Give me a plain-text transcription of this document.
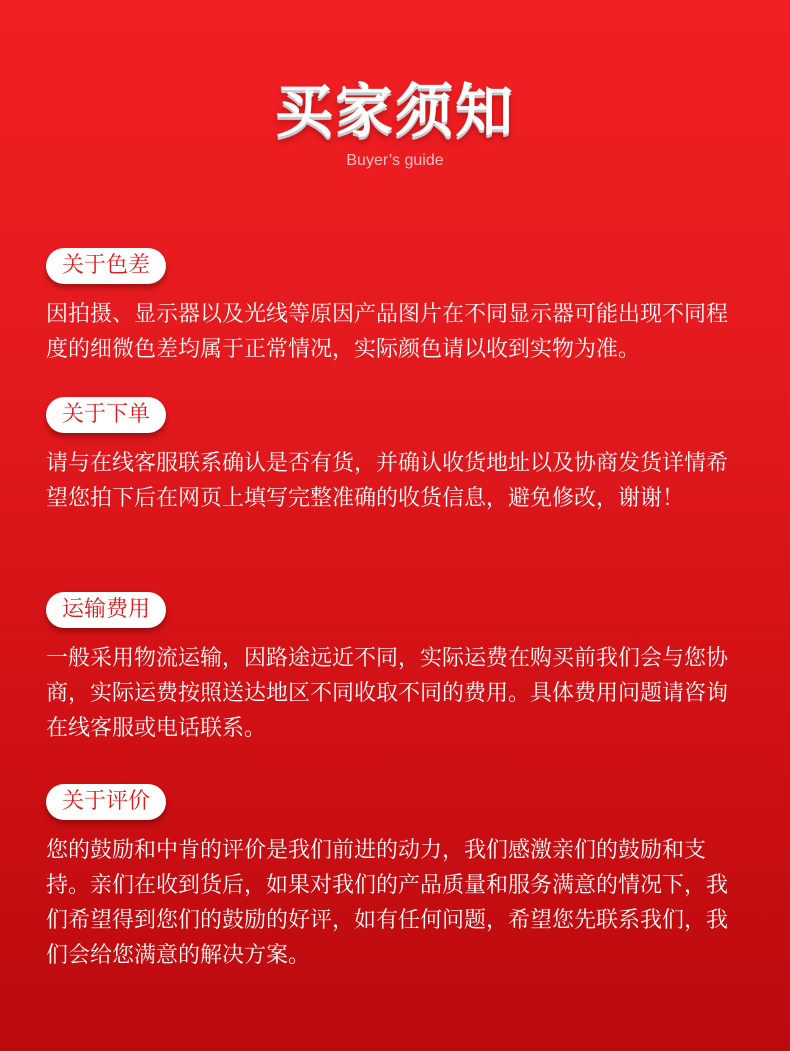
买家须知
Buyer’s guide
关于色差
因拍摄、显示器以及光线等原因产品图片在不同显示器可能出现不同程度的细微色差均属于正常情况，实际颜色请以收到实物为准。
关于下单
请与在线客服联系确认是否有货，并确认收货地址以及协商发货详情希望您拍下后在网页上填写完整准确的收货信息，避免修改，谢谢！
运输费用
一般采用物流运输，因路途远近不同，实际运费在购买前我们会与您协商，实际运费按照送达地区不同收取不同的费用。具体费用问题请咨询在线客服或电话联系。
关于评价
您的鼓励和中肯的评价是我们前进的动力，我们感激亲们的鼓励和支持。亲们在收到货后，如果对我们的产品质量和服务满意的情况下，我们希望得到您们的鼓励的好评，如有任何问题，希望您先联系我们，我们会给您满意的解决方案。
